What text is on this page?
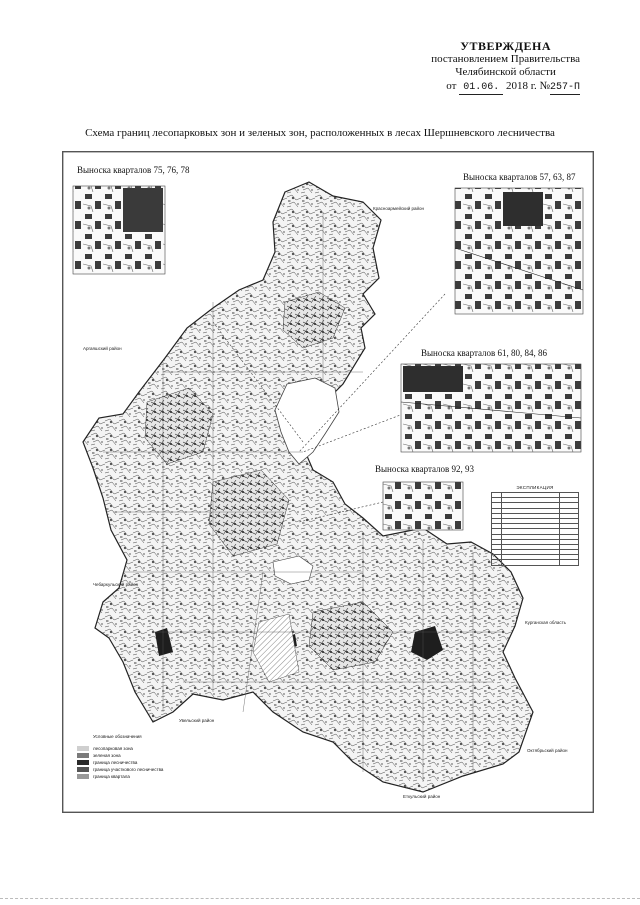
УТВЕРЖДЕНА
постановлением Правительства
Челябинской области
от 01.06. 2018 г. №257-П
Схема границ лесопарковых зон и зеленых зон, расположенных в лесах Шершневского лесничества
Выноска кварталов 75, 76, 78
Выноска кварталов 57, 63, 87
Выноска кварталов 61, 80, 84, 86
Выноска кварталов 92, 93
Аргаяшский район
Чебаркульский район
Увельский район
Курганская область
Октябрьский район
Еткульский район
Красноармейский район
Условные обозначения
лесопарковая зона
зеленая зона
граница лесничества
граница участкового лесничества
граница квартала
ЭКСПЛИКАЦИЯ
